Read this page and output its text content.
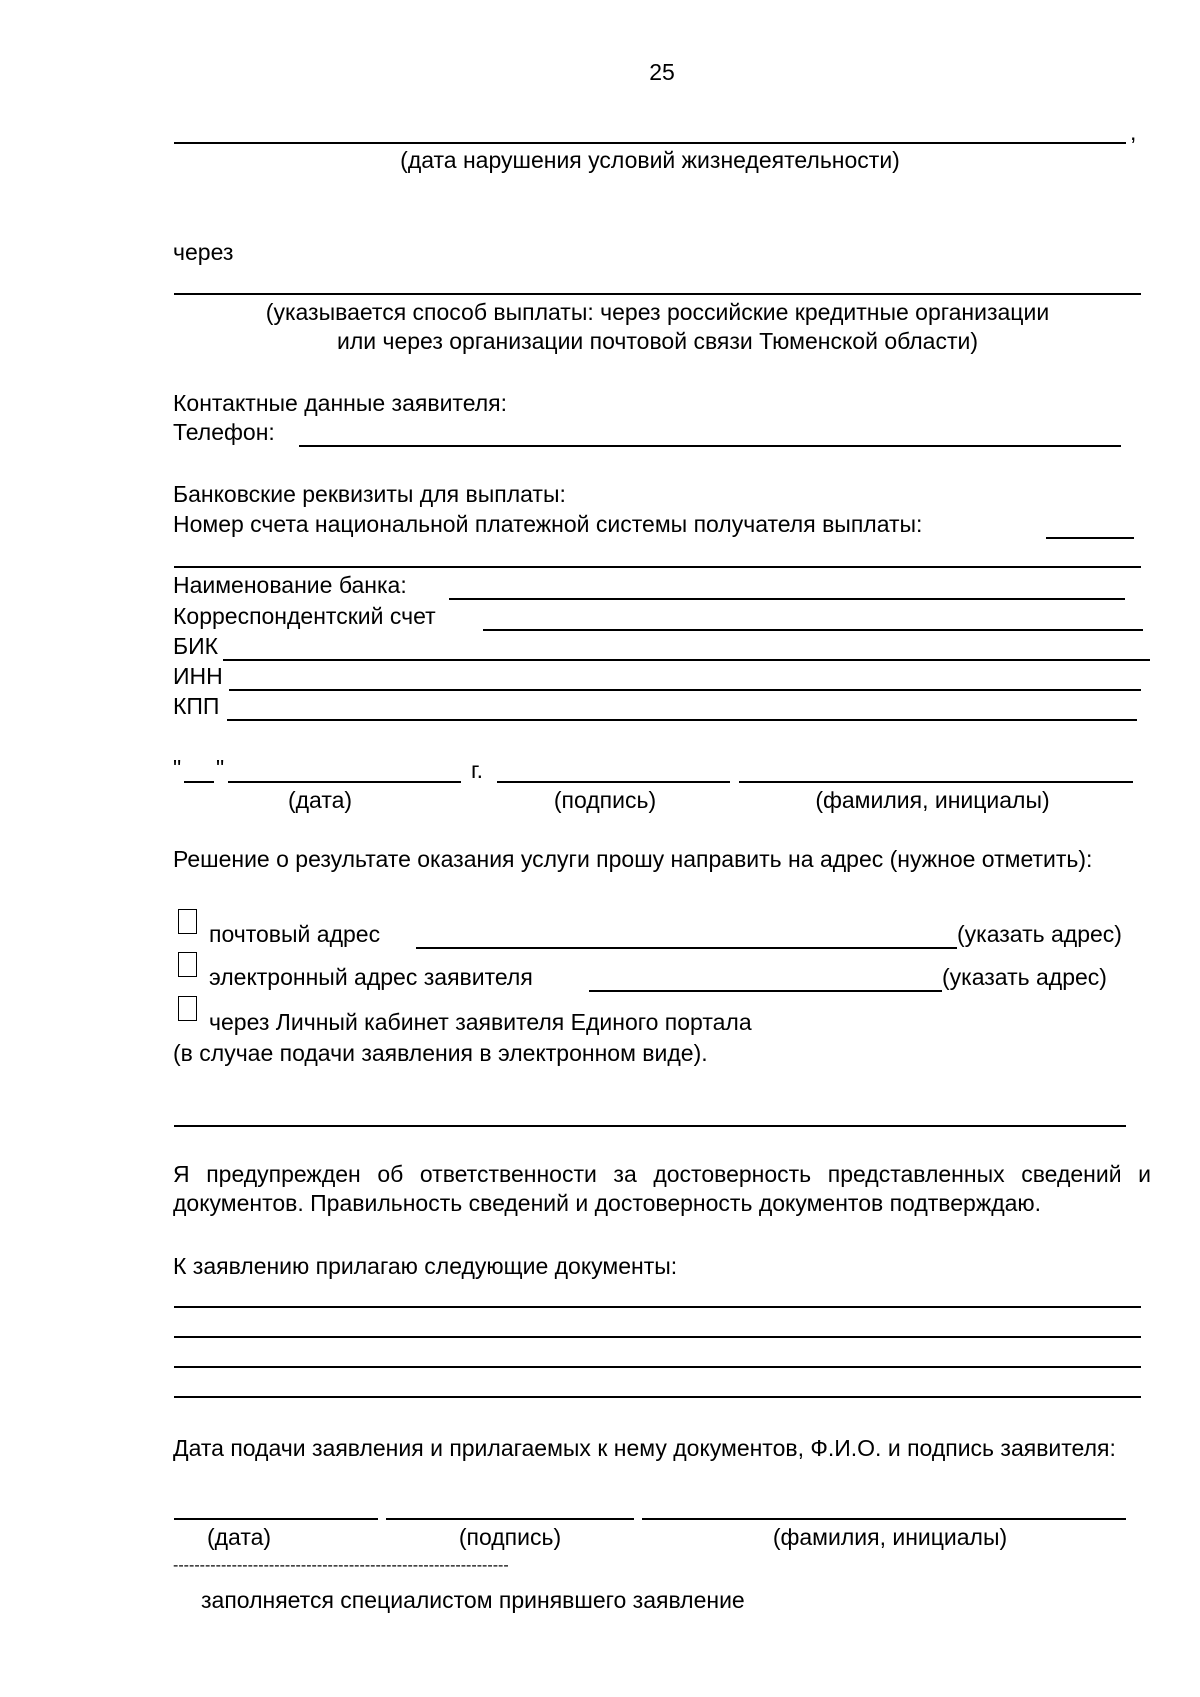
25
,
(дата нарушения условий жизнедеятельности)
через
(указывается способ выплаты: через российские кредитные организации
или через организации почтовой связи Тюменской области)
Контактные данные заявителя:
Телефон:
Банковские реквизиты для выплаты:
Номер счета национальной платежной системы получателя выплаты:
Наименование банка:
Корреспондентский счет
БИК
ИНН
КПП
" "	г.
(дата)	(подпись)	(фамилия, инициалы)
Решение о результате оказания услуги прошу направить на адрес (нужное отметить):
почтовый адрес	(указать адрес)
электронный адрес заявителя	(указать адрес)
через Личный кабинет заявителя Единого портала
(в случае подачи заявления в электронном виде).
Я предупрежден об ответственности за достоверность представленных сведений и документов. Правильность сведений и достоверность документов подтверждаю.
К заявлению прилагаю следующие документы:
Дата подачи заявления и прилагаемых к нему документов, Ф.И.О. и подпись заявителя:
(дата)	(подпись)	(фамилия, инициалы)
---------------------------------------------------------------
заполняется специалистом принявшего заявление
